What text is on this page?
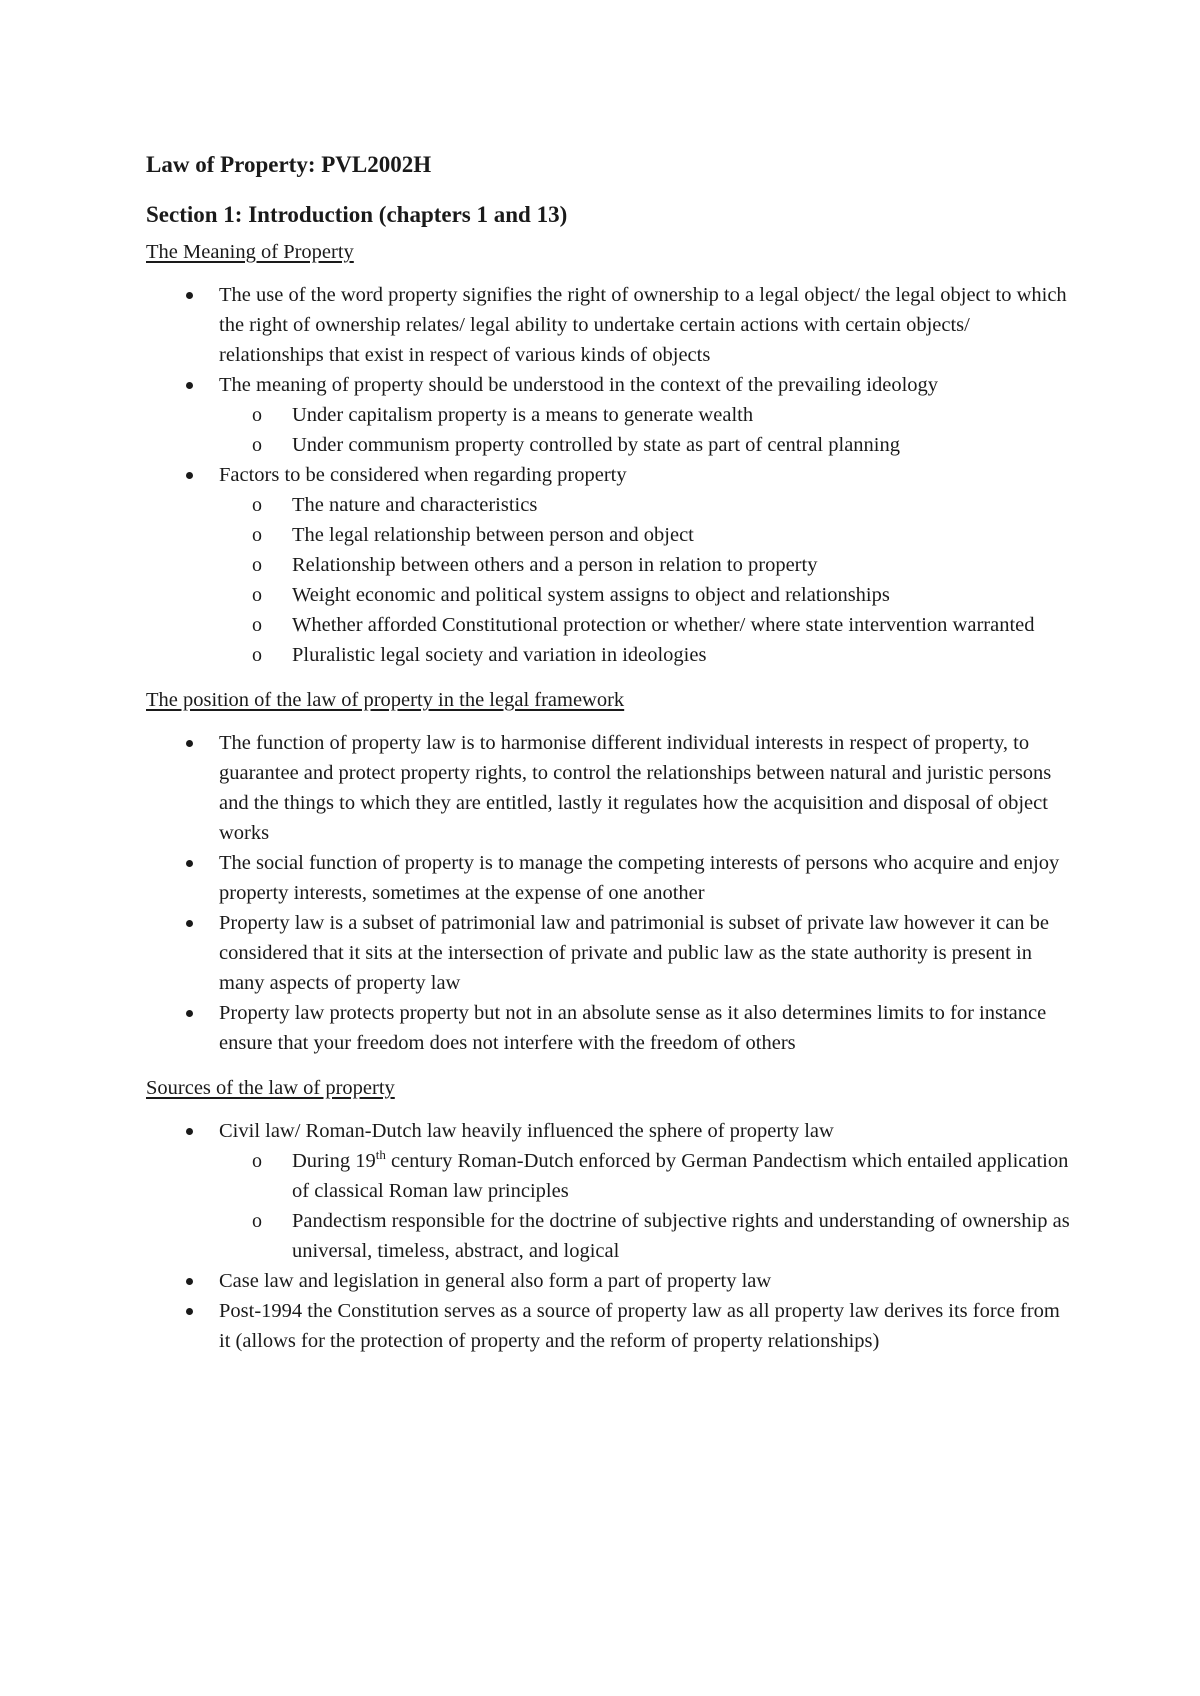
Law of Property: PVL2002H
Section 1: Introduction (chapters 1 and 13)
The Meaning of Property
The use of the word property signifies the right of ownership to a legal object/ the legal object to which the right of ownership relates/ legal ability to undertake certain actions with certain objects/ relationships that exist in respect of various kinds of objects
The meaning of property should be understood in the context of the prevailing ideology
o Under capitalism property is a means to generate wealth
o Under communism property controlled by state as part of central planning
Factors to be considered when regarding property
o The nature and characteristics
o The legal relationship between person and object
o Relationship between others and a person in relation to property
o Weight economic and political system assigns to object and relationships
o Whether afforded Constitutional protection or whether/ where state intervention warranted
o Pluralistic legal society and variation in ideologies
The position of the law of property in the legal framework
The function of property law is to harmonise different individual interests in respect of property, to guarantee and protect property rights, to control the relationships between natural and juristic persons and the things to which they are entitled, lastly it regulates how the acquisition and disposal of object works
The social function of property is to manage the competing interests of persons who acquire and enjoy property interests, sometimes at the expense of one another
Property law is a subset of patrimonial law and patrimonial is subset of private law however it can be considered that it sits at the intersection of private and public law as the state authority is present in many aspects of property law
Property law protects property but not in an absolute sense as it also determines limits to for instance ensure that your freedom does not interfere with the freedom of others
Sources of the law of property
Civil law/ Roman-Dutch law heavily influenced the sphere of property law
o During 19th century Roman-Dutch enforced by German Pandectism which entailed application of classical Roman law principles
o Pandectism responsible for the doctrine of subjective rights and understanding of ownership as universal, timeless, abstract, and logical
Case law and legislation in general also form a part of property law
Post-1994 the Constitution serves as a source of property law as all property law derives its force from it (allows for the protection of property and the reform of property relationships)
